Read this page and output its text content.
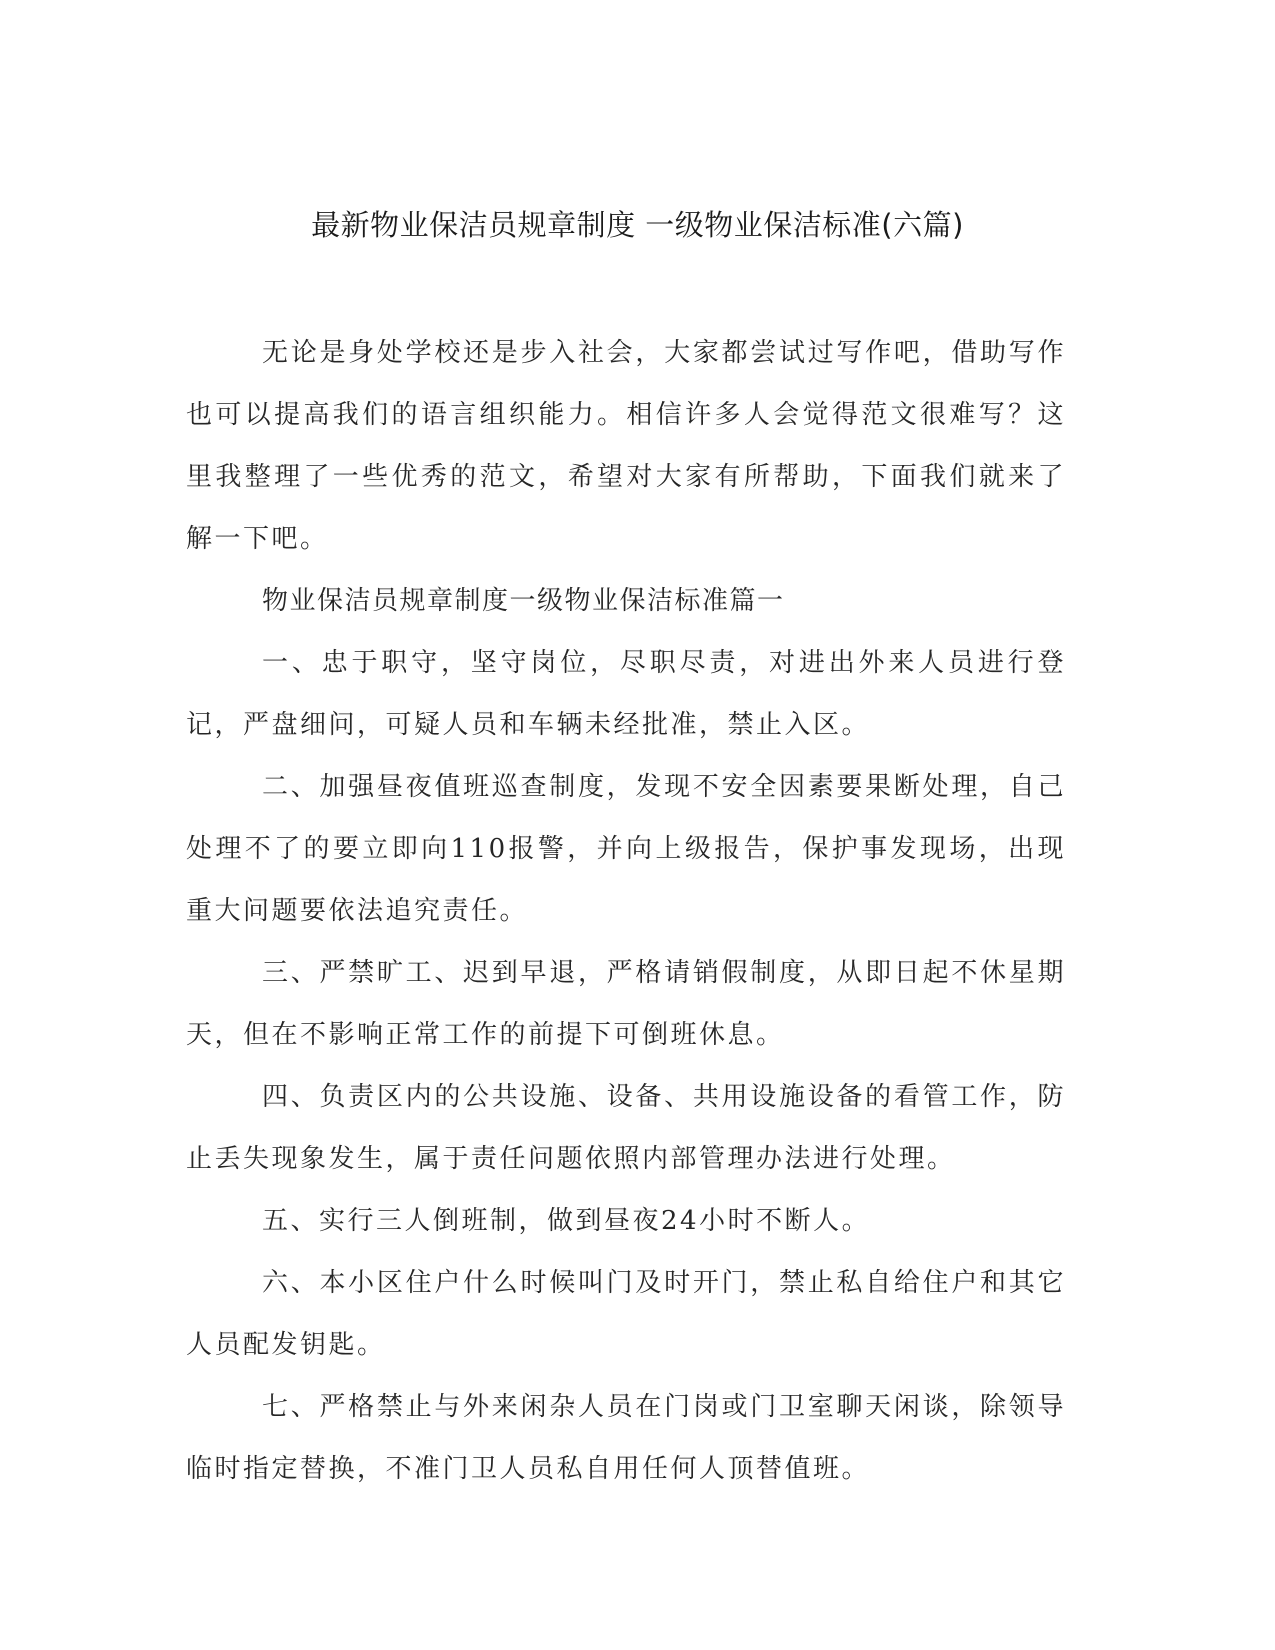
最新物业保洁员规章制度 一级物业保洁标准(六篇)

无论是身处学校还是步入社会，大家都尝试过写作吧，借助写作也可以提高我们的语言组织能力。相信许多人会觉得范文很难写？这里我整理了一些优秀的范文，希望对大家有所帮助，下面我们就来了解一下吧。

物业保洁员规章制度一级物业保洁标准篇一

一、忠于职守，坚守岗位，尽职尽责，对进出外来人员进行登记，严盘细问，可疑人员和车辆未经批准，禁止入区。

二、加强昼夜值班巡查制度，发现不安全因素要果断处理，自己处理不了的要立即向110报警，并向上级报告，保护事发现场，出现重大问题要依法追究责任。

三、严禁旷工、迟到早退，严格请销假制度，从即日起不休星期天，但在不影响正常工作的前提下可倒班休息。

四、负责区内的公共设施、设备、共用设施设备的看管工作，防止丢失现象发生，属于责任问题依照内部管理办法进行处理。

五、实行三人倒班制，做到昼夜24小时不断人。

六、本小区住户什么时候叫门及时开门，禁止私自给住户和其它人员配发钥匙。

七、严格禁止与外来闲杂人员在门岗或门卫室聊天闲谈，除领导临时指定替换，不准门卫人员私自用任何人顶替值班。
